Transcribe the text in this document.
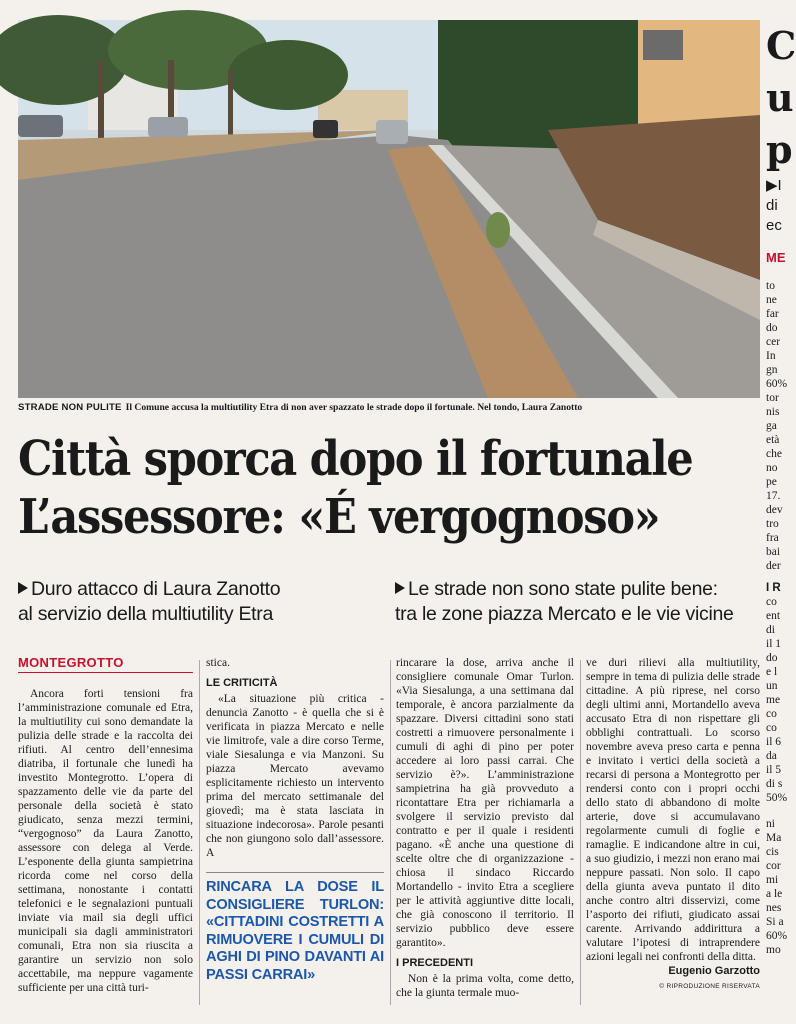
STRADE NON PULITE Il Comune accusa la multiutility Etra di non aver spazzato le strade dopo il fortunale. Nel tondo, Laura Zanotto
Città sporca dopo il fortunale
L’assessore: «É vergognoso»
Duro attacco di Laura Zanotto
al servizio della multiutility Etra
Le strade non sono state pulite bene:
tra le zone piazza Mercato e le vie vicine
MONTEGROTTO

Ancora forti tensioni fra l’amministrazione comunale ed Etra, la multiutility cui sono demandate la pulizia delle strade e la raccolta dei rifiuti. Al centro dell’ennesima diatriba, il fortunale che lunedì ha investito Montegrotto. L’opera di spazzamento delle vie da parte del personale della società è stato giudicato, senza mezzi termini, “vergognoso” da Laura Zanotto, assessore con delega al Verde. L’esponente della giunta sampietrina ricorda come nel corso della settimana, nonostante i contatti telefonici e le segnalazioni puntuali inviate via mail sia degli uffici municipali sia dagli amministratori comunali, Etra non sia riuscita a garantire un servizio non solo accettabile, ma neppure vagamente sufficiente per una città turi-

stica.

LE CRITICITÀ

«La situazione più critica - denuncia Zanotto - è quella che si è verificata in piazza Mercato e nelle vie limitrofe, vale a dire corso Terme, viale Siesalunga e via Manzoni. Su piazza Mercato avevamo esplicitamente richiesto un intervento prima del mercato settimanale del giovedì; ma è stata lasciata in situazione indecorosa». Parole pesanti che non giungono solo dall’assessore. A

RINCARA LA DOSE IL CONSIGLIERE TURLON: «CITTADINI COSTRETTI A RIMUOVERE I CUMULI DI AGHI DI PINO DAVANTI AI PASSI CARRAI»

rincarare la dose, arriva anche il consigliere comunale Omar Turlon. «Via Siesalunga, a una settimana dal temporale, è ancora parzialmente da spazzare. Diversi cittadini sono stati costretti a rimuovere personalmente i cumuli di aghi di pino per poter accedere ai loro passi carrai. Che servizio è?». L’amministrazione sampietrina ha già provveduto a ricontattare Etra per richiamarla a svolgere il servizio previsto dal contratto e per il quale i residenti pagano. «È anche una questione di scelte oltre che di organizzazione - chiosa il sindaco Riccardo Mortandello - invito Etra a scegliere per le attività aggiuntive ditte locali, che già conoscono il territorio. Il servizio pubblico deve essere garantito».

I PRECEDENTI

Non è la prima volta, come detto, che la giunta termale muo-

ve duri rilievi alla multiutility, sempre in tema di pulizia delle strade cittadine. A più riprese, nel corso degli ultimi anni, Mortandello aveva accusato Etra di non rispettare gli obblighi contrattuali. Lo scorso novembre aveva preso carta e penna e invitato i vertici della società a recarsi di persona a Montegrotto per rendersi conto con i propri occhi dello stato di abbandono di molte arterie, dove si accumulavano regolarmente cumuli di foglie e ramaglie. E indicandone altre in cui, a suo giudizio, i mezzi non erano mai neppure passati. Non solo. Il capo della giunta aveva puntato il dito anche contro altri disservizi, come l’asporto dei rifiuti, giudicato assai carente. Arrivando addirittura a valutare l’ipotesi di intraprendere azioni legali nei confronti della ditta.

Eugenio Garzotto
© RIPRODUZIONE RISERVATA
C
u
p
▶I
di
ec
ME
to
ne
far
do
cer
In
gn
60%
tor
nis
ga
età
che
no
pe
17.
dev
tro
fra
bai
der
I R
co
ent
di
il 1
do
e l
un
me
co
co
il 6
da
il 5
di s
50%
ni
Ma
cis
cor
mi
a le
nes
Si a
60%
mo
